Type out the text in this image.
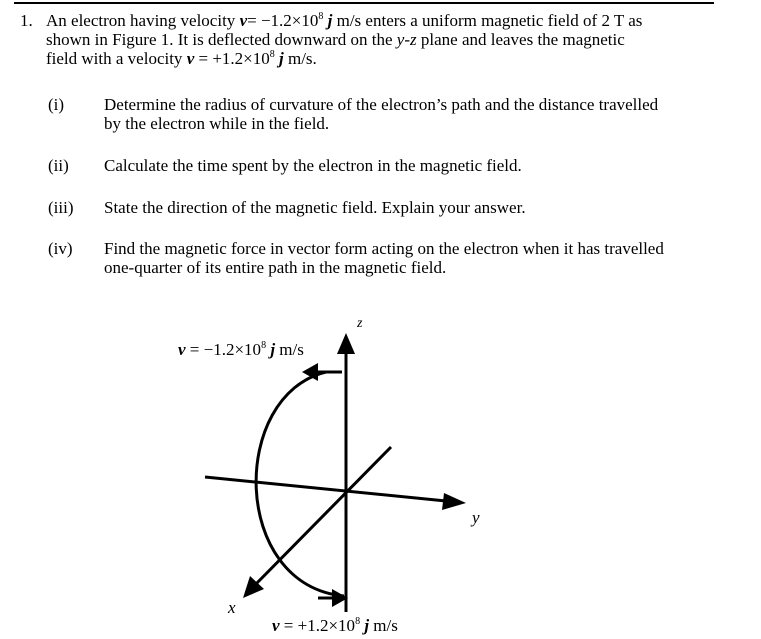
1. An electron having velocity $v= -1.2\times 10^8$ j m/s enters a uniform magnetic field of 2 T as
shown in Figure 1. It is deflected downward on the y-z plane and leaves the magnetic
field with a velocity $v = +1.2\times 10^8$ j m/s.
(i) Determine the radius of curvature of the electron’s path and the distance travelled
by the electron while in the field.
(ii) Calculate the time spent by the electron in the magnetic field.
(iii) State the direction of the magnetic field. Explain your answer.
(iv) Find the magnetic force in vector form acting on the electron when it has travelled
one-quarter of its entire path in the magnetic field.
$v = -1.2\times 10^8$ j m/s
z
y
x
$v = +1.2\times 10^8$ j m/s
